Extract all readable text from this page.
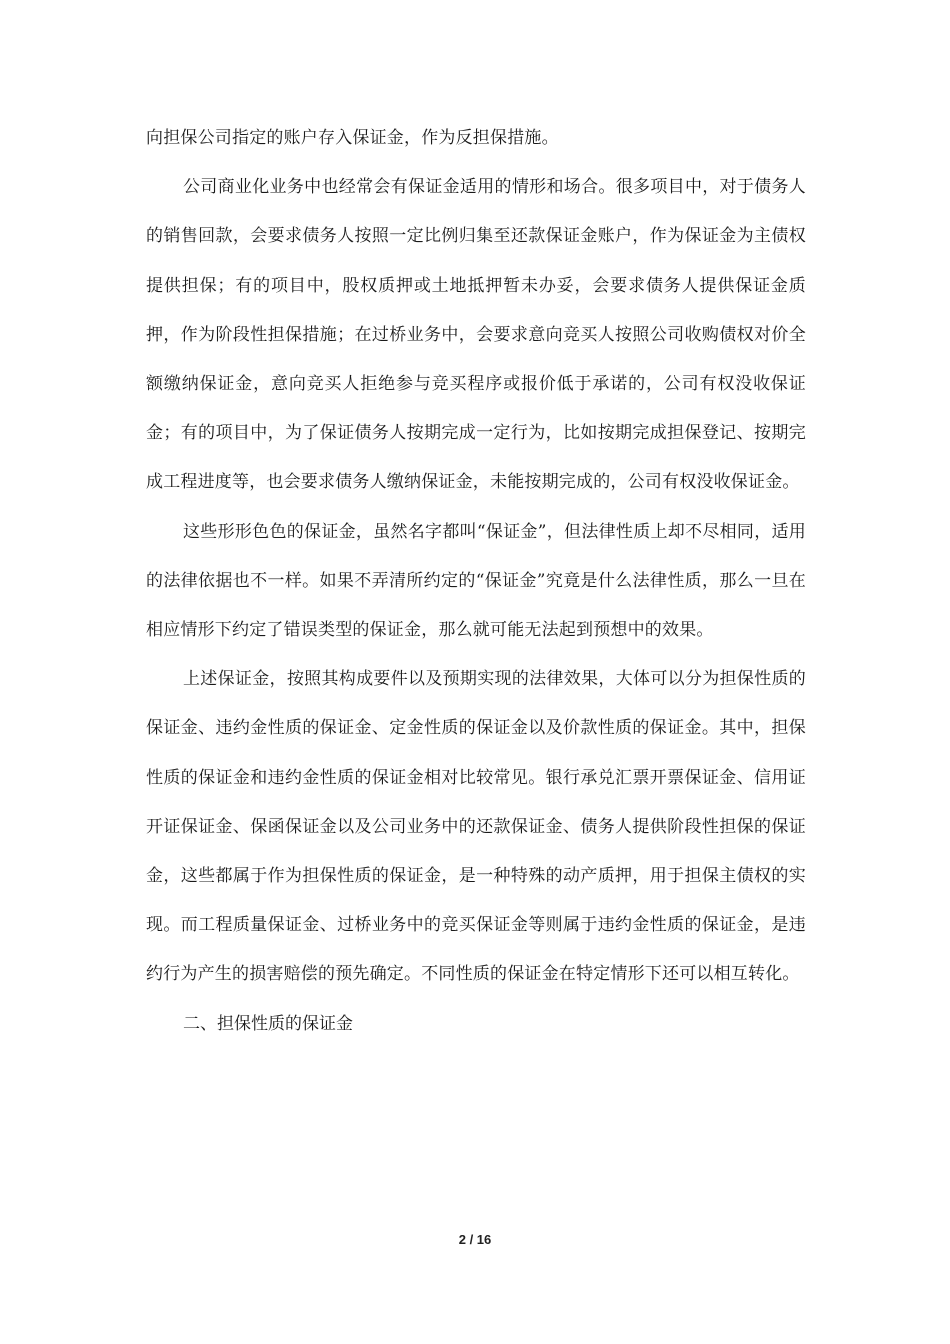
向担保公司指定的账户存入保证金，作为反担保措施。

公司商业化业务中也经常会有保证金适用的情形和场合。很多项目中，对于债务人的销售回款，会要求债务人按照一定比例归集至还款保证金账户，作为保证金为主债权提供担保；有的项目中，股权质押或土地抵押暂未办妥，会要求债务人提供保证金质押，作为阶段性担保措施；在过桥业务中，会要求意向竞买人按照公司收购债权对价全额缴纳保证金，意向竞买人拒绝参与竞买程序或报价低于承诺的，公司有权没收保证金；有的项目中，为了保证债务人按期完成一定行为，比如按期完成担保登记、按期完成工程进度等，也会要求债务人缴纳保证金，未能按期完成的，公司有权没收保证金。

这些形形色色的保证金，虽然名字都叫“保证金”，但法律性质上却不尽相同，适用的法律依据也不一样。如果不弄清所约定的“保证金”究竟是什么法律性质，那么一旦在相应情形下约定了错误类型的保证金，那么就可能无法起到预想中的效果。

上述保证金，按照其构成要件以及预期实现的法律效果，大体可以分为担保性质的保证金、违约金性质的保证金、定金性质的保证金以及价款性质的保证金。其中，担保性质的保证金和违约金性质的保证金相对比较常见。银行承兑汇票开票保证金、信用证开证保证金、保函保证金以及公司业务中的还款保证金、债务人提供阶段性担保的保证金，这些都属于作为担保性质的保证金，是一种特殊的动产质押，用于担保主债权的实现。而工程质量保证金、过桥业务中的竞买保证金等则属于违约金性质的保证金，是违约行为产生的损害赔偿的预先确定。不同性质的保证金在特定情形下还可以相互转化。

二、担保性质的保证金

2 / 16
